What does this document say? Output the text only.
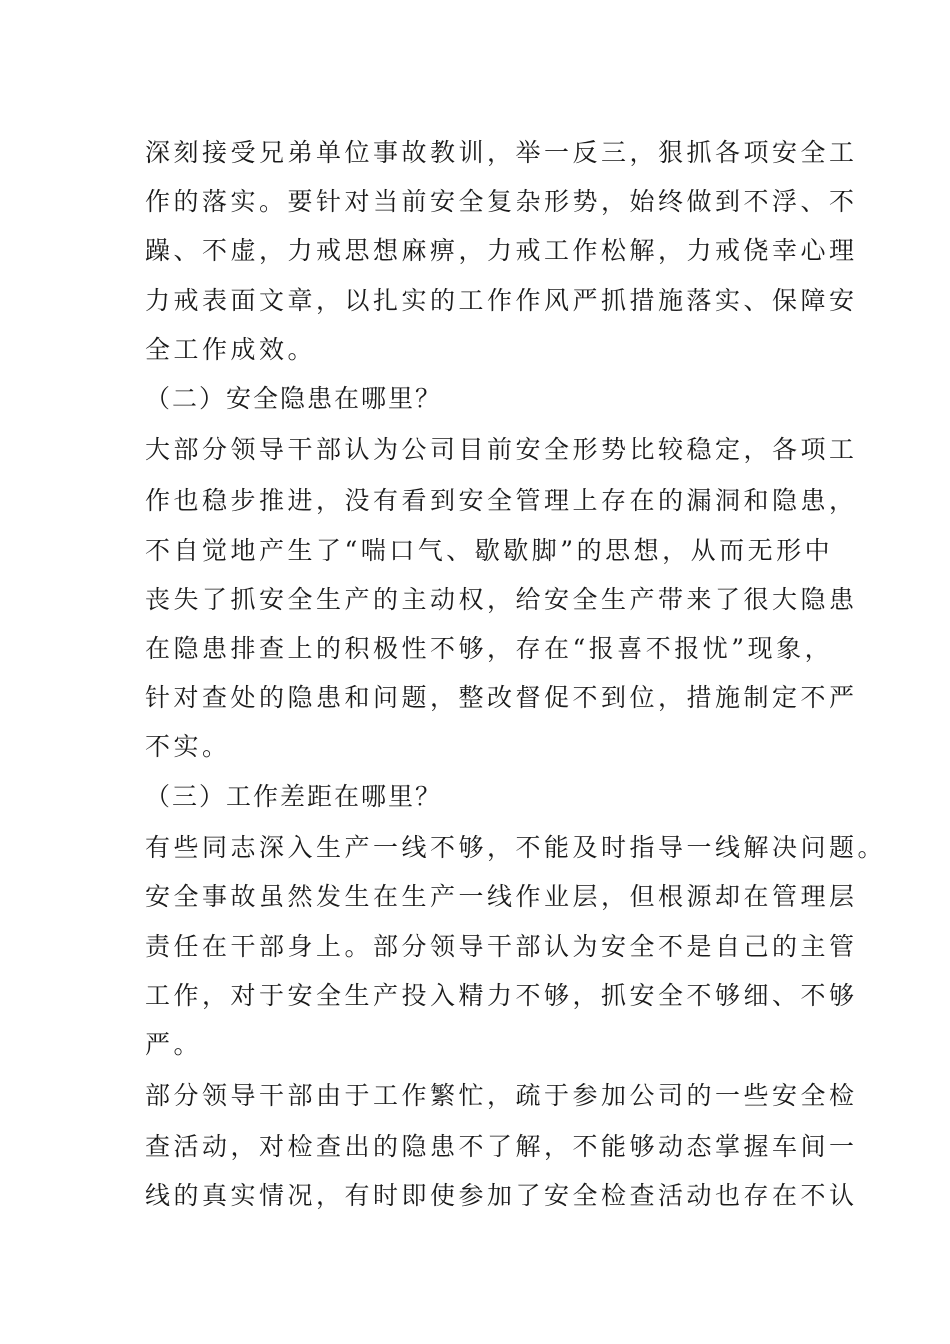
深刻接受兄弟单位事故教训，举一反三，狠抓各项安全工
作的落实。要针对当前安全复杂形势，始终做到不浮、不
躁、不虚，力戒思想麻痹，力戒工作松解，力戒侥幸心理
力戒表面文章，以扎实的工作作风严抓措施落实、保障安
全工作成效。
（二）安全隐患在哪里？
大部分领导干部认为公司目前安全形势比较稳定，各项工
作也稳步推进，没有看到安全管理上存在的漏洞和隐患，
不自觉地产生了“喘口气、歇歇脚”的思想，从而无形中
丧失了抓安全生产的主动权，给安全生产带来了很大隐患
在隐患排查上的积极性不够，存在“报喜不报忧”现象，
针对查处的隐患和问题，整改督促不到位，措施制定不严
不实。
（三）工作差距在哪里？
有些同志深入生产一线不够，不能及时指导一线解决问题。
安全事故虽然发生在生产一线作业层，但根源却在管理层
责任在干部身上。部分领导干部认为安全不是自己的主管
工作，对于安全生产投入精力不够，抓安全不够细、不够
严。
部分领导干部由于工作繁忙，疏于参加公司的一些安全检
查活动，对检查出的隐患不了解，不能够动态掌握车间一
线的真实情况，有时即使参加了安全检查活动也存在不认
